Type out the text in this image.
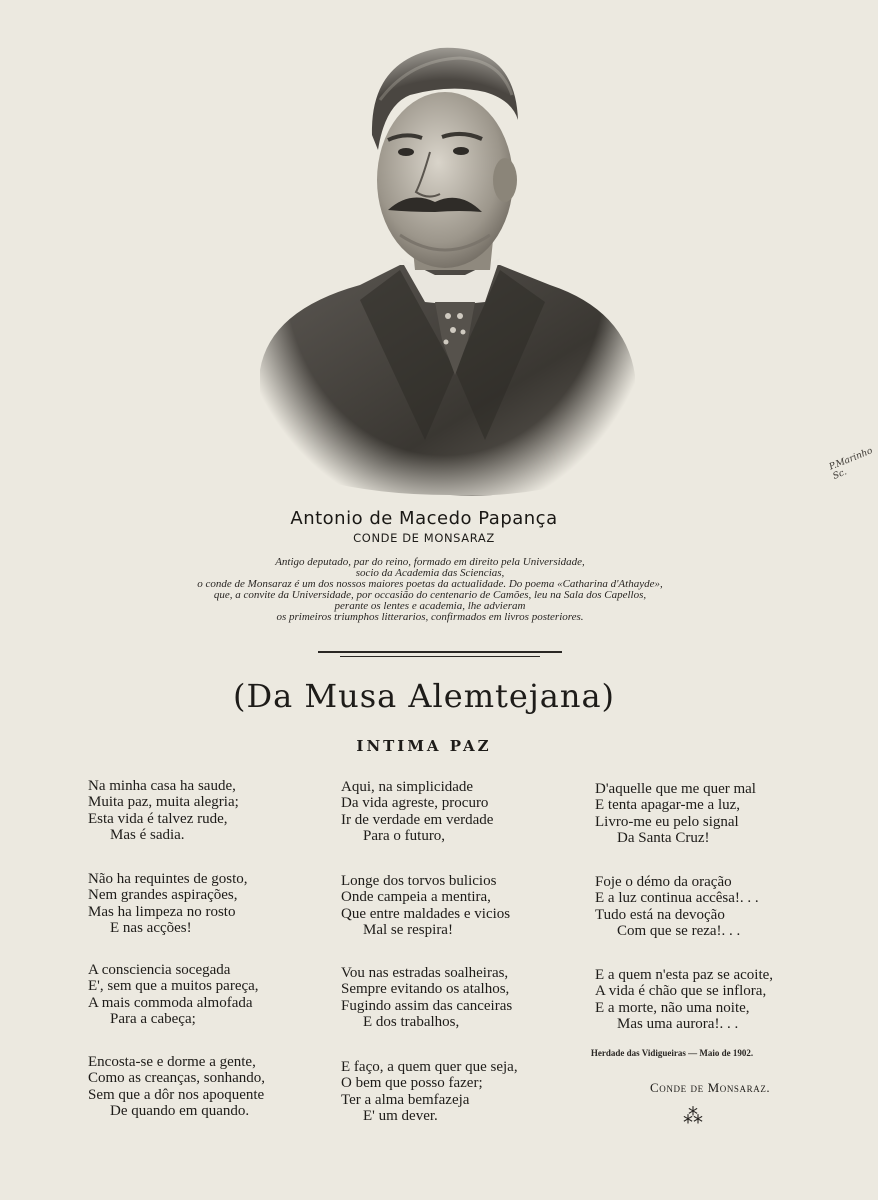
P.Marinho Sc.
Antonio de Macedo Papança
CONDE DE MONSARAZ
Antigo deputado, par do reino, formado em direito pela Universidade,
socio da Academia das Sciencias,
o conde de Monsaraz é um dos nossos maiores poetas da actualidade. Do poema «Catharina d'Athayde»,
que, a convite da Universidade, por occasião do centenario de Camões, leu na Sala dos Capellos,
perante os lentes e academia, lhe advieram
os primeiros triumphos litterarios, confirmados em livros posteriores.
(Da Musa Alemtejana)
INTIMA PAZ
Na minha casa ha saude,
Muita paz, muita alegria;
Esta vida é talvez rude,
Mas é sadia.
Não ha requintes de gosto,
Nem grandes aspirações,
Mas ha limpeza no rosto
E nas acções!
A consciencia socegada
E', sem que a muitos pareça,
A mais commoda almofada
Para a cabeça;
Encosta-se e dorme a gente,
Como as creanças, sonhando,
Sem que a dôr nos apoquente
De quando em quando.
Aqui, na simplicidade
Da vida agreste, procuro
Ir de verdade em verdade
Para o futuro,
Longe dos torvos bulicios
Onde campeia a mentira,
Que entre maldades e vicios
Mal se respira!
Vou nas estradas soalheiras,
Sempre evitando os atalhos,
Fugindo assim das canceiras
E dos trabalhos,
E faço, a quem quer que seja,
O bem que posso fazer;
Ter a alma bemfazeja
E' um dever.
D'aquelle que me quer mal
E tenta apagar-me a luz,
Livro-me eu pelo signal
Da Santa Cruz!
Foje o démo da oração
E a luz continua accêsa!. . .
Tudo está na devoção
Com que se reza!. . .
E a quem n'esta paz se acoite,
A vida é chão que se inflora,
E a morte, não uma noite,
Mas uma aurora!. . .
Herdade das Vidigueiras — Maio de 1902.
Conde de Monsaraz.
⁂
